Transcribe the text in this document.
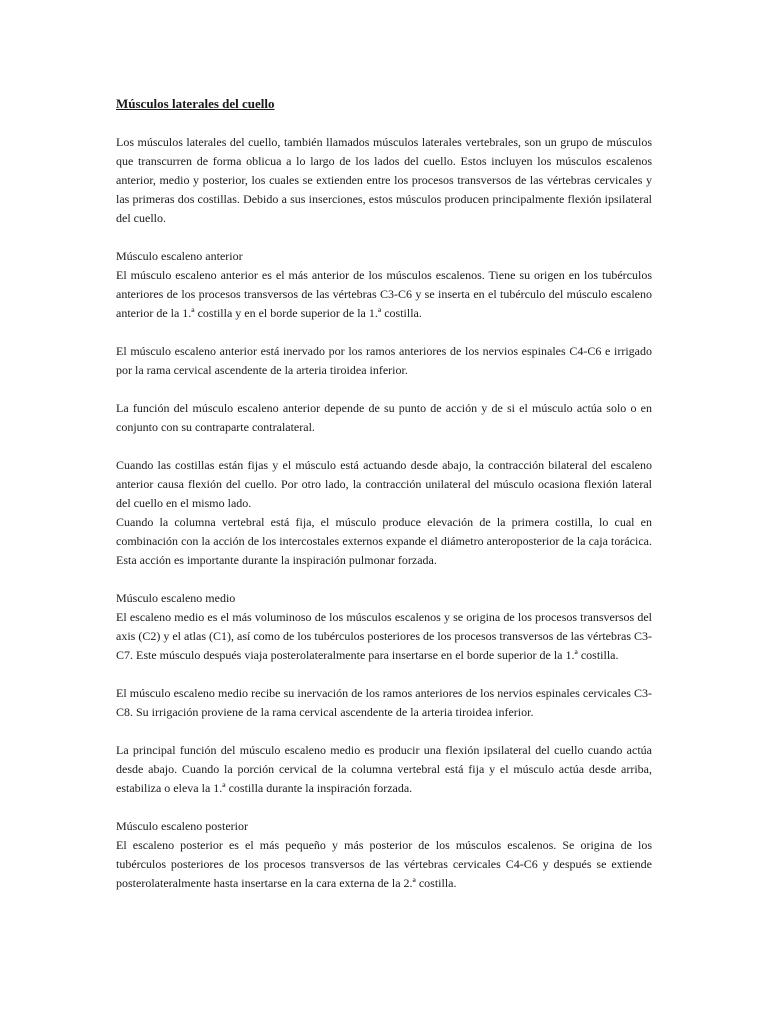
Músculos laterales del cuello

Los músculos laterales del cuello, también llamados músculos laterales vertebrales, son un grupo de músculos que transcurren de forma oblicua a lo largo de los lados del cuello. Estos incluyen los músculos escalenos anterior, medio y posterior, los cuales se extienden entre los procesos transversos de las vértebras cervicales y las primeras dos costillas. Debido a sus inserciones, estos músculos producen principalmente flexión ipsilateral del cuello.

Músculo escaleno anterior

El músculo escaleno anterior es el más anterior de los músculos escalenos. Tiene su origen en los tubérculos anteriores de los procesos transversos de las vértebras C3-C6 y se inserta en el tubérculo del músculo escaleno anterior de la 1.ª costilla y en el borde superior de la 1.ª costilla.

El músculo escaleno anterior está inervado por los ramos anteriores de los nervios espinales C4-C6 e irrigado por la rama cervical ascendente de la arteria tiroidea inferior.

La función del músculo escaleno anterior depende de su punto de acción y de si el músculo actúa solo o en conjunto con su contraparte contralateral.

Cuando las costillas están fijas y el músculo está actuando desde abajo, la contracción bilateral del escaleno anterior causa flexión del cuello. Por otro lado, la contracción unilateral del músculo ocasiona flexión lateral del cuello en el mismo lado.

Cuando la columna vertebral está fija, el músculo produce elevación de la primera costilla, lo cual en combinación con la acción de los intercostales externos expande el diámetro anteroposterior de la caja torácica. Esta acción es importante durante la inspiración pulmonar forzada.

Músculo escaleno medio

El escaleno medio es el más voluminoso de los músculos escalenos y se origina de los procesos transversos del axis (C2) y el atlas (C1), así como de los tubérculos posteriores de los procesos transversos de las vértebras C3-C7. Este músculo después viaja posterolateralmente para insertarse en el borde superior de la 1.ª costilla.

El músculo escaleno medio recibe su inervación de los ramos anteriores de los nervios espinales cervicales C3-C8. Su irrigación proviene de la rama cervical ascendente de la arteria tiroidea inferior.

La principal función del músculo escaleno medio es producir una flexión ipsilateral del cuello cuando actúa desde abajo. Cuando la porción cervical de la columna vertebral está fija y el músculo actúa desde arriba, estabiliza o eleva la 1.ª costilla durante la inspiración forzada.

Músculo escaleno posterior

El escaleno posterior es el más pequeño y más posterior de los músculos escalenos. Se origina de los tubérculos posteriores de los procesos transversos de las vértebras cervicales C4-C6 y después se extiende posterolateralmente hasta insertarse en la cara externa de la 2.ª costilla.
